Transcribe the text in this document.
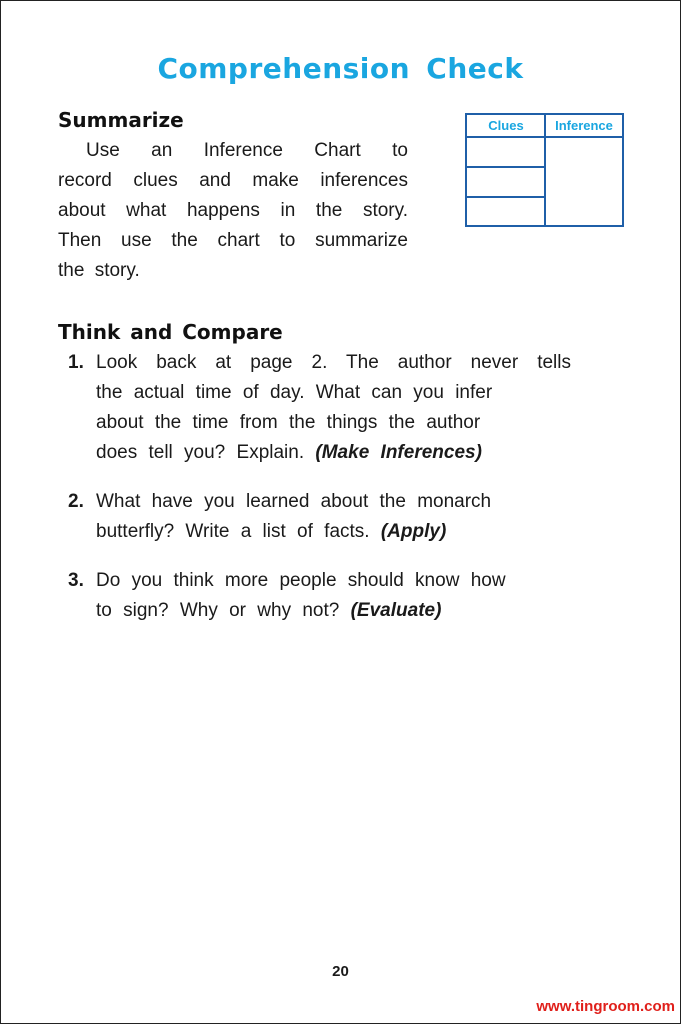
Comprehension Check
Summarize
Use an Inference Chart to
record clues and make inferences
about what happens in the story.
Then use the chart to summarize
the story.
Clues	Inference
Think and Compare
1. Look back at page 2. The author never tells
the actual time of day. What can you infer
about the time from the things the author
does tell you? Explain. (Make Inferences)
2. What have you learned about the monarch
butterfly? Write a list of facts. (Apply)
3. Do you think more people should know how
to sign? Why or why not? (Evaluate)
20
www.tingroom.com
